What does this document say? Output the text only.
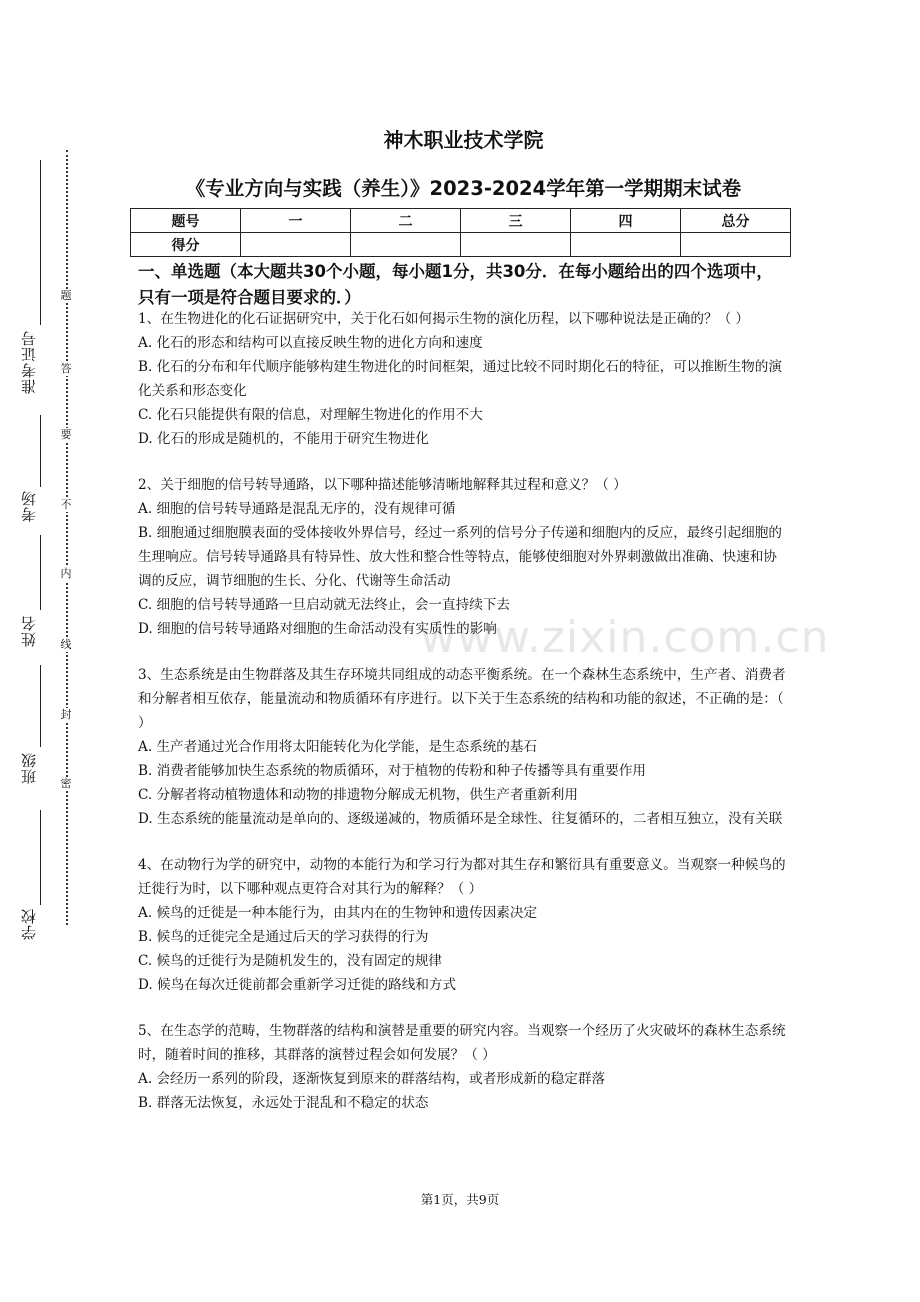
准考证号
考场
姓名
班级
学校
题
答
要
不
内
线
封
密
www.zixin.com.cn
神木职业技术学院
《专业方向与实践（养生）》2023-2024学年第一学期期末试卷
题号	一	二	三	四	总分
得分					
一、单选题（本大题共30个小题，每小题1分，共30分．在每小题给出的四个选项中，只有一项是符合题目要求的．）

1、在生物进化的化石证据研究中，关于化石如何揭示生物的演化历程，以下哪种说法是正确的？（ ）

A. 化石的形态和结构可以直接反映生物的进化方向和速度

B. 化石的分布和年代顺序能够构建生物进化的时间框架，通过比较不同时期化石的特征，可以推断生物的演化关系和形态变化

C. 化石只能提供有限的信息，对理解生物进化的作用不大

D. 化石的形成是随机的，不能用于研究生物进化

2、关于细胞的信号转导通路，以下哪种描述能够清晰地解释其过程和意义？（ ）

A. 细胞的信号转导通路是混乱无序的，没有规律可循

B. 细胞通过细胞膜表面的受体接收外界信号，经过一系列的信号分子传递和细胞内的反应，最终引起细胞的生理响应。信号转导通路具有特异性、放大性和整合性等特点，能够使细胞对外界刺激做出准确、快速和协调的反应，调节细胞的生长、分化、代谢等生命活动

C. 细胞的信号转导通路一旦启动就无法终止，会一直持续下去

D. 细胞的信号转导通路对细胞的生命活动没有实质性的影响

3、生态系统是由生物群落及其生存环境共同组成的动态平衡系统。在一个森林生态系统中，生产者、消费者和分解者相互依存，能量流动和物质循环有序进行。以下关于生态系统的结构和功能的叙述，不正确的是：（ ）

A. 生产者通过光合作用将太阳能转化为化学能，是生态系统的基石

B. 消费者能够加快生态系统的物质循环，对于植物的传粉和种子传播等具有重要作用

C. 分解者将动植物遗体和动物的排遗物分解成无机物，供生产者重新利用

D. 生态系统的能量流动是单向的、逐级递减的，物质循环是全球性、往复循环的，二者相互独立，没有关联

4、在动物行为学的研究中，动物的本能行为和学习行为都对其生存和繁衍具有重要意义。当观察一种候鸟的迁徙行为时，以下哪种观点更符合对其行为的解释？（ ）

A. 候鸟的迁徙是一种本能行为，由其内在的生物钟和遗传因素决定

B. 候鸟的迁徙完全是通过后天的学习获得的行为

C. 候鸟的迁徙行为是随机发生的，没有固定的规律

D. 候鸟在每次迁徙前都会重新学习迁徙的路线和方式

5、在生态学的范畴，生物群落的结构和演替是重要的研究内容。当观察一个经历了火灾破坏的森林生态系统时，随着时间的推移，其群落的演替过程会如何发展？（ ）

A. 会经历一系列的阶段，逐渐恢复到原来的群落结构，或者形成新的稳定群落

B. 群落无法恢复，永远处于混乱和不稳定的状态

第1页，共9页
